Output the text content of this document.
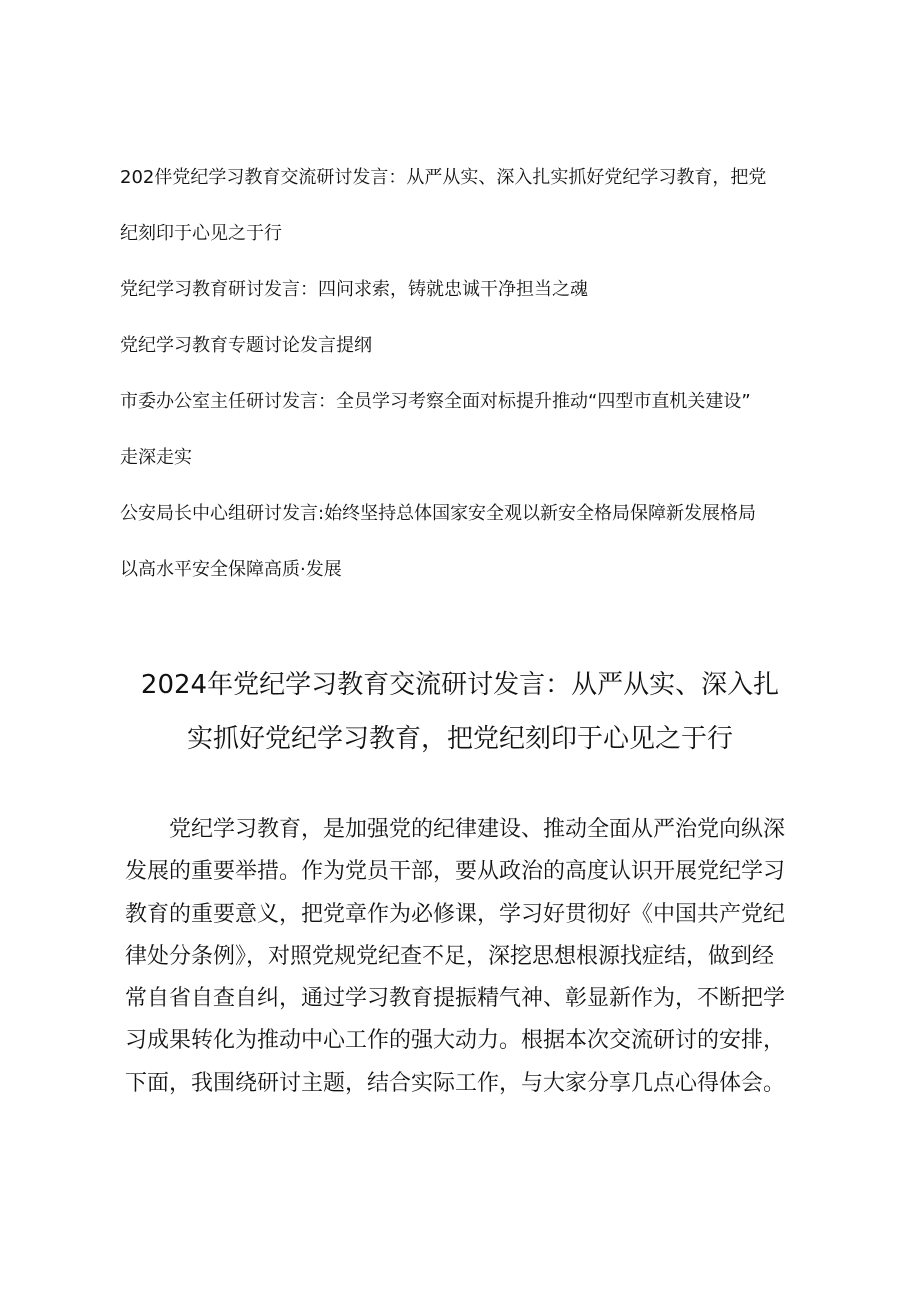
202伴党纪学习教育交流研讨发言：从严从实、深入扎实抓好党纪学习教育，把党
纪刻印于心见之于行
党纪学习教育研讨发言：四问求索，铸就忠诚干净担当之魂
党纪学习教育专题讨论发言提纲
市委办公室主任研讨发言：全员学习考察全面对标提升推动“四型市直机关建设”
走深走实
公安局长中心组研讨发言:始终坚持总体国家安全观以新安全格局保障新发展格局
以高水平安全保障高质·发展
2024年党纪学习教育交流研讨发言：从严从实、深入扎
实抓好党纪学习教育，把党纪刻印于心见之于行
　　党纪学习教育，是加强党的纪律建设、推动全面从严治党向纵深
发展的重要举措。作为党员干部，要从政治的高度认识开展党纪学习
教育的重要意义，把党章作为必修课，学习好贯彻好《中国共产党纪
律处分条例》，对照党规党纪查不足，深挖思想根源找症结，做到经
常自省自查自纠，通过学习教育提振精气神、彰显新作为，不断把学
习成果转化为推动中心工作的强大动力。根据本次交流研讨的安排，
下面，我围绕研讨主题，结合实际工作，与大家分享几点心得体会。
